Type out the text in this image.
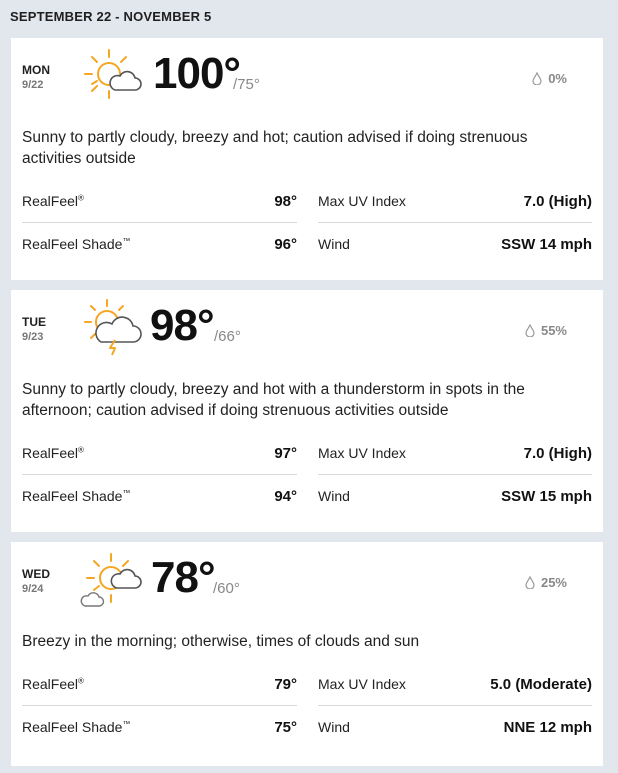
SEPTEMBER 22 - NOVEMBER 5
MON
9/22 100°
/75°	0%
Sunny to partly cloudy, breezy and hot; caution advised if doing strenuous activities outside
RealFeel®	98°
RealFeel Shade™	96°
Max UV Index	7.0 (High)
Wind	SSW 14 mph
TUE
9/23 98° /66°	55%
Sunny to partly cloudy, breezy and hot with a thunderstorm in spots in the afternoon; caution advised if doing strenuous activities outside
RealFeel®	97°
RealFeel Shade™	94°
Max UV Index	7.0 (High)
Wind	SSW 15 mph
WED
9/24 78°
/60°	25%
Breezy in the morning; otherwise, times of clouds and sun
RealFeel®	79°
RealFeel Shade™	75°
Max UV Index	5.0 (Moderate)
Wind	NNE 12 mph
